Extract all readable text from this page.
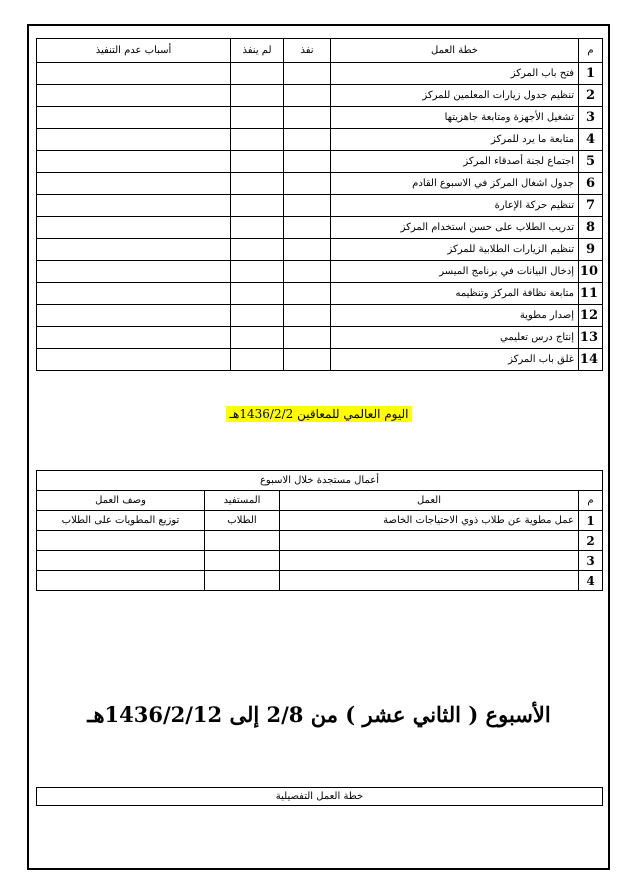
م	خطة العمل	نفذ	لم ينفذ	أسباب عدم التنفيذ
1	فتح باب المركز			
2	تنظيم جدول زيارات المعلمين للمركز			
3	تشغيل الأجهزة ومتابعة جاهزيتها			
4	متابعة ما يرد للمركز			
5	اجتماع لجنة أصدقاء المركز			
6	جدول اشغال المركز في الاسبوع القادم			
7	تنظيم حركة الإعارة			
8	تدريب الطلاب على حسن استخدام المركز			
9	تنظيم الزيارات الطلابية للمركز			
10	إدخال البيانات في برنامج الميسر			
11	متابعة نظافة المركز وتنظيمه			
12	إصدار مطوية			
13	إنتاج درس تعليمي			
14	غلق باب المركز			
اليوم العالمي للمعاقين 1436/2/2هـ
أعمال مستجدة خلال الاسبوع			
م	العمل	المستفيد	وصف العمل
1	عمل مطوية عن طلاب ذوي الاحتياجات الخاصة	الطلاب	توزيع المطويات على الطلاب
2			
3			
4			
الأسبوع ( الثاني عشر ) من 2/8 إلى 1436/2/12هـ
خطة العمل التفصيلية
